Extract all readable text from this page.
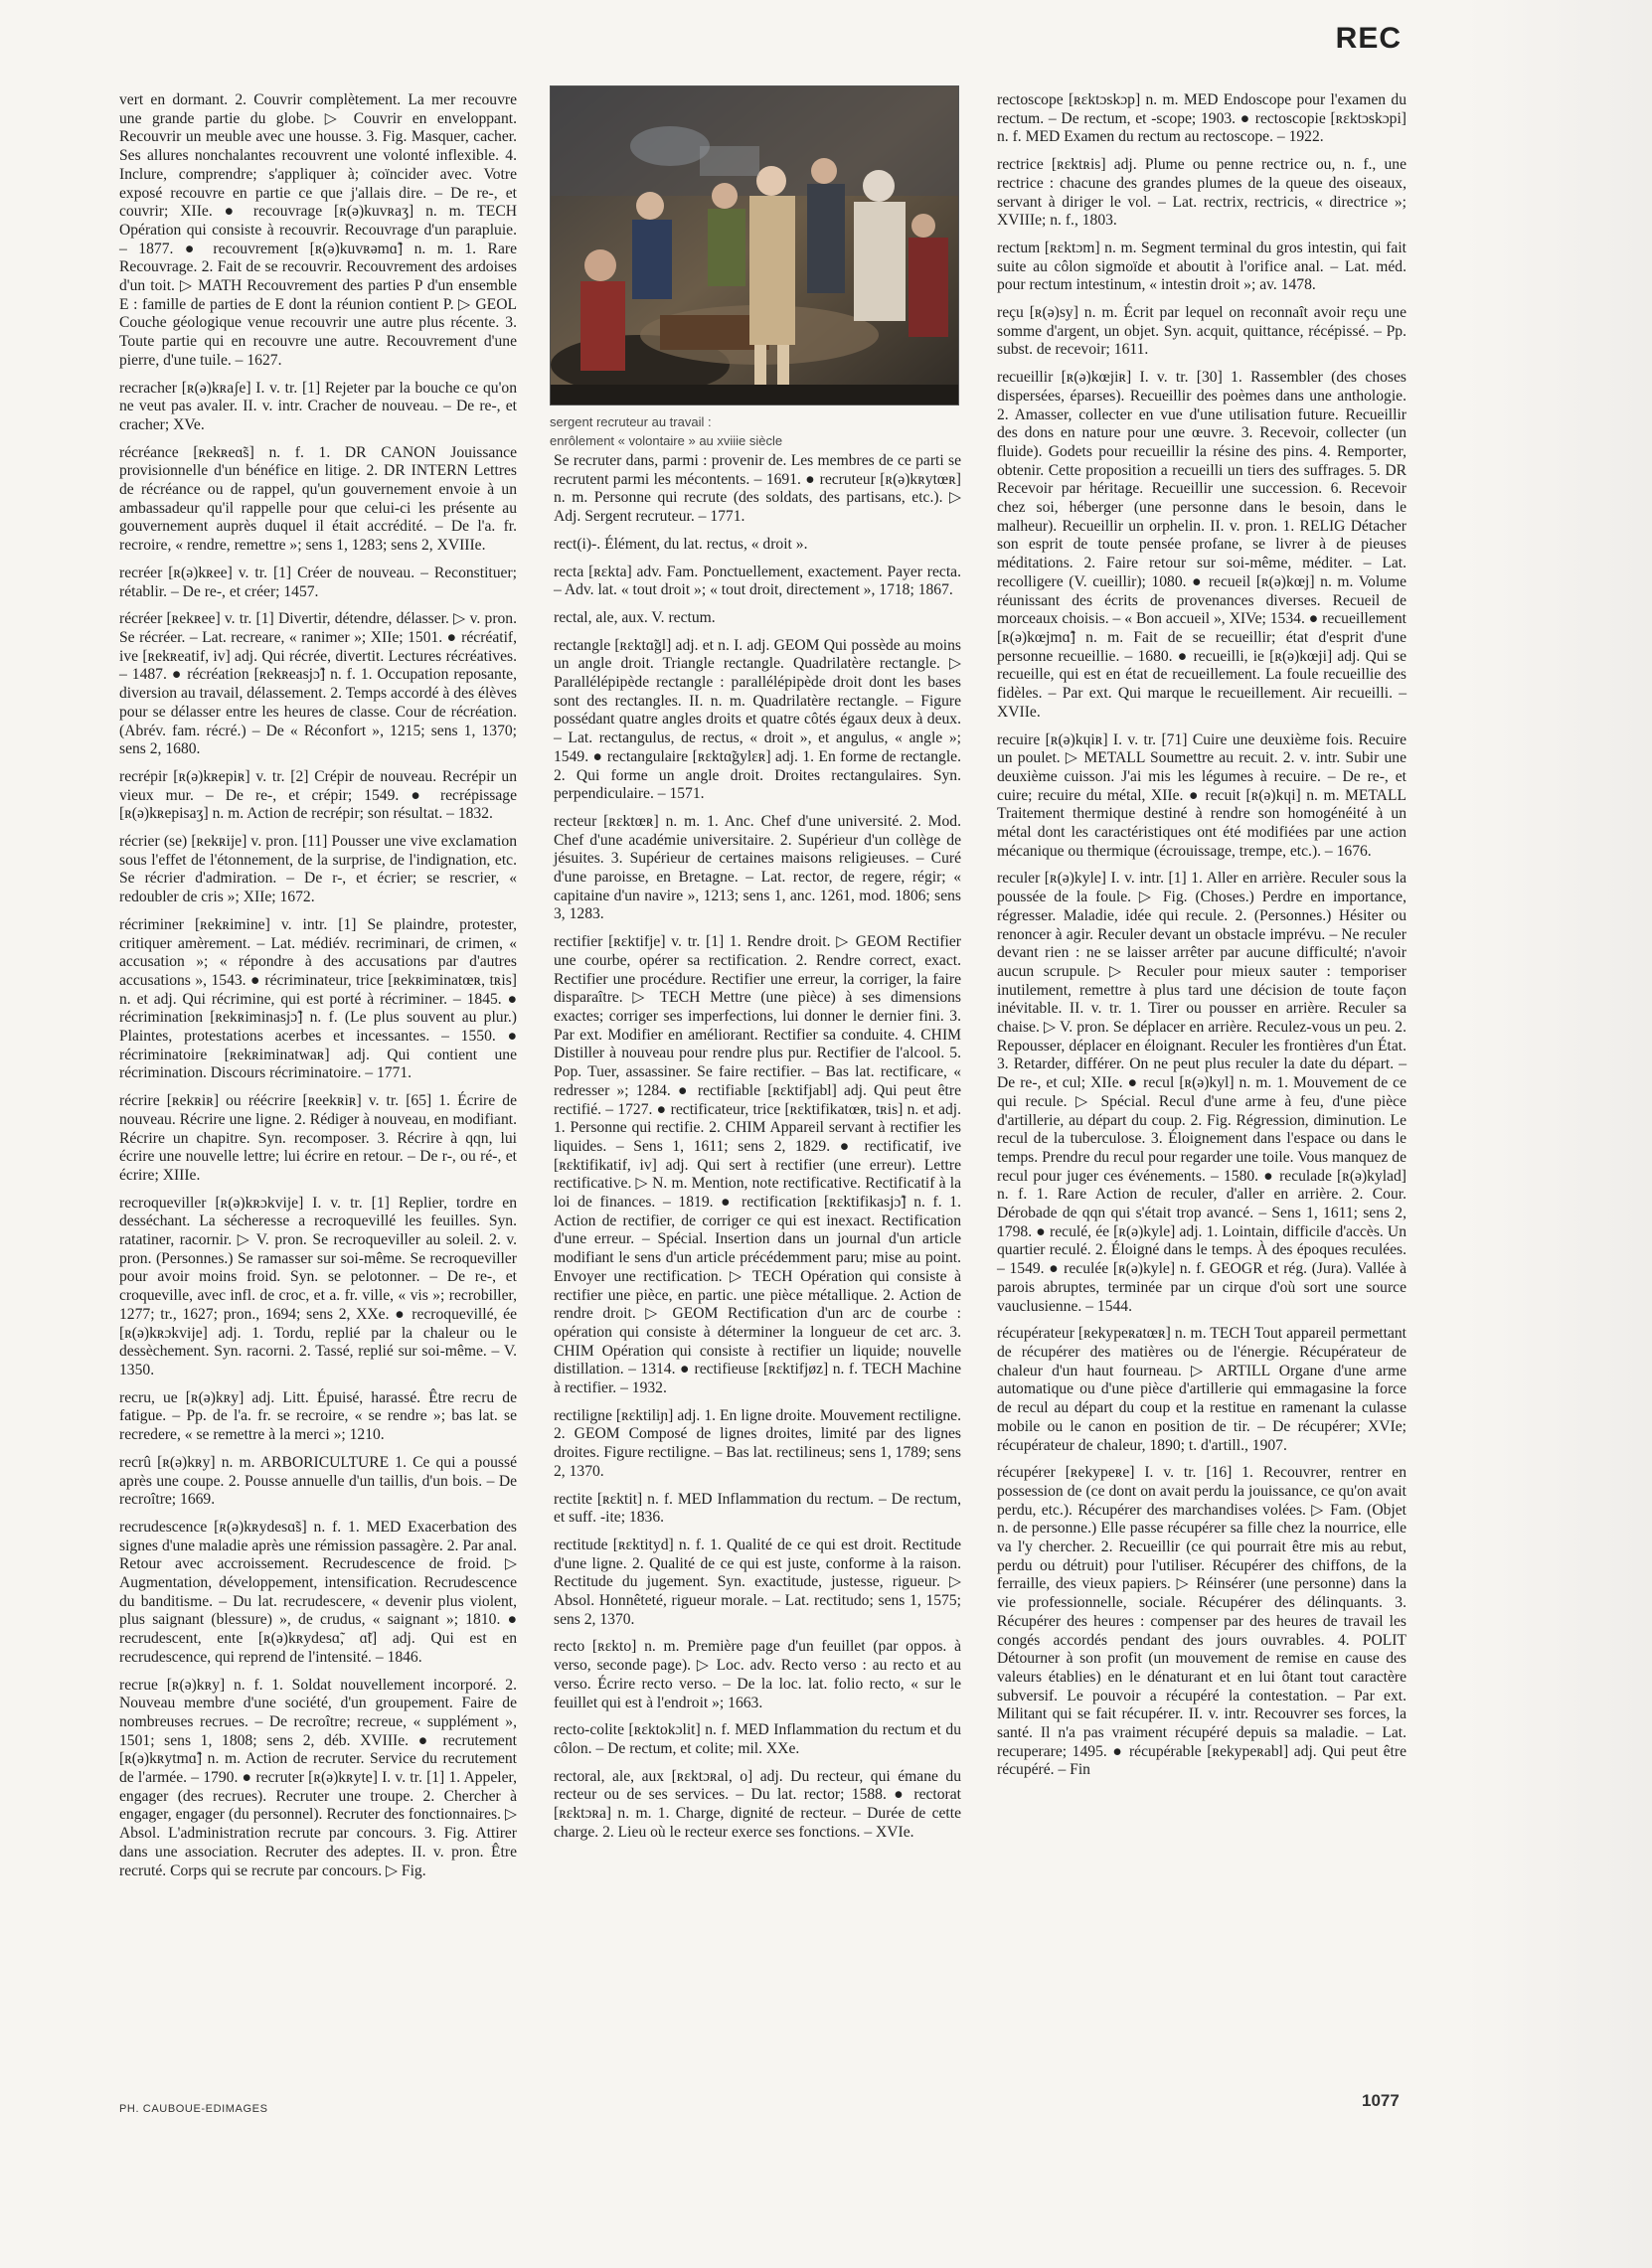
REC

vert en dormant. 2. Couvrir complètement. La mer recouvre une grande partie du globe. ▷ Couvrir en enveloppant. Recouvrir un meuble avec une housse. 3. Fig. Masquer, cacher. Ses allures nonchalantes recouvrent une volonté inflexible. 4. Inclure, comprendre; s'appliquer à; coïncider avec. Votre exposé recouvre en partie ce que j'allais dire. – De re-, et couvrir; XIIe. ● recouvrage [ʀ(ə)kuvʀaʒ] n. m. TECH Opération qui consiste à recouvrir. Recouvrage d'un parapluie. – 1877. ● recouvrement [ʀ(ə)kuvʀəmɑ̃] n. m. 1. Rare Recouvrage. 2. Fait de se recouvrir. Recouvrement des ardoises d'un toit. ▷ MATH Recouvrement des parties P d'un ensemble E : famille de parties de E dont la réunion contient P. ▷ GEOL Couche géologique venue recouvrir une autre plus récente. 3. Toute partie qui en recouvre une autre. Recouvrement d'une pierre, d'une tuile. – 1627.

recracher [ʀ(ə)kʀaʃe] I. v. tr. [1] Rejeter par la bouche ce qu'on ne veut pas avaler. II. v. intr. Cracher de nouveau. – De re-, et cracher; XVe.

récréance [ʀekʀeɑ̃s] n. f. 1. DR CANON Jouissance provisionnelle d'un bénéfice en litige. 2. DR INTERN Lettres de récréance ou de rappel, qu'un gouvernement envoie à un ambassadeur qu'il rappelle pour que celui-ci les présente au gouvernement auprès duquel il était accrédité. – De l'a. fr. recroire, « rendre, remettre »; sens 1, 1283; sens 2, XVIIIe.

recréer [ʀ(ə)kʀee] v. tr. [1] Créer de nouveau. – Reconstituer; rétablir. – De re-, et créer; 1457.

récréer [ʀekʀee] v. tr. [1] Divertir, détendre, délasser. ▷ v. pron. Se récréer. – Lat. recreare, « ranimer »; XIIe; 1501. ● récréatif, ive [ʀekʀeatif, iv] adj. Qui récrée, divertit. Lectures récréatives. – 1487. ● récréation [ʀekʀeasjɔ̃] n. f. 1. Occupation reposante, diversion au travail, délassement. 2. Temps accordé à des élèves pour se délasser entre les heures de classe. Cour de récréation. (Abrév. fam. récré.) – De « Réconfort », 1215; sens 1, 1370; sens 2, 1680.

recrépir [ʀ(ə)kʀepiʀ] v. tr. [2] Crépir de nouveau. Recrépir un vieux mur. – De re-, et crépir; 1549. ● recrépissage [ʀ(ə)kʀepisaʒ] n. m. Action de recrépir; son résultat. – 1832.

récrier (se) [ʀekʀije] v. pron. [11] Pousser une vive exclamation sous l'effet de l'étonnement, de la surprise, de l'indignation, etc. Se récrier d'admiration. – De r-, et écrier; se rescrier, « redoubler de cris »; XIIe; 1672.

récriminer [ʀekʀimine] v. intr. [1] Se plaindre, protester, critiquer amèrement. – Lat. médiév. recriminari, de crimen, « accusation »; « répondre à des accusations par d'autres accusations », 1543. ● récriminateur, trice [ʀekʀiminatœʀ, tʀis] n. et adj. Qui récrimine, qui est porté à récriminer. – 1845. ● récrimination [ʀekʀiminasjɔ̃] n. f. (Le plus souvent au plur.) Plaintes, protestations acerbes et incessantes. – 1550. ● récriminatoire [ʀekʀiminatwaʀ] adj. Qui contient une récrimination. Discours récriminatoire. – 1771.

récrire [ʀekʀiʀ] ou réécrire [ʀeekʀiʀ] v. tr. [65] 1. Écrire de nouveau. Récrire une ligne. 2. Rédiger à nouveau, en modifiant. Récrire un chapitre. Syn. recomposer. 3. Récrire à qqn, lui écrire une nouvelle lettre; lui écrire en retour. – De r-, ou ré-, et écrire; XIIIe.

recroqueviller [ʀ(ə)kʀɔkvije] I. v. tr. [1] Replier, tordre en desséchant. La sécheresse a recroquevillé les feuilles. Syn. ratatiner, racornir. ▷ V. pron. Se recroqueviller au soleil. 2. v. pron. (Personnes.) Se ramasser sur soi-même. Se recroqueviller pour avoir moins froid. Syn. se pelotonner. – De re-, et croqueville, avec infl. de croc, et a. fr. ville, « vis »; recrobiller, 1277; tr., 1627; pron., 1694; sens 2, XXe. ● recroquevillé, ée [ʀ(ə)kʀɔkvije] adj. 1. Tordu, replié par la chaleur ou le dessèchement. Syn. racorni. 2. Tassé, replié sur soi-même. – V. 1350.

recru, ue [ʀ(ə)kʀy] adj. Litt. Épuisé, harassé. Être recru de fatigue. – Pp. de l'a. fr. se recroire, « se rendre »; bas lat. se recredere, « se remettre à la merci »; 1210.

recrû [ʀ(ə)kʀy] n. m. ARBORICULTURE 1. Ce qui a poussé après une coupe. 2. Pousse annuelle d'un taillis, d'un bois. – De recroître; 1669.

recrudescence [ʀ(ə)kʀydesɑ̃s] n. f. 1. MED Exacerbation des signes d'une maladie après une rémission passagère. 2. Par anal. Retour avec accroissement. Recrudescence de froid. ▷ Augmentation, développement, intensification. Recrudescence du banditisme. – Du lat. recrudescere, « devenir plus violent, plus saignant (blessure) », de crudus, « saignant »; 1810. ● recrudescent, ente [ʀ(ə)kʀydesɑ̃, ɑ̃t] adj. Qui est en recrudescence, qui reprend de l'intensité. – 1846.

recrue [ʀ(ə)kʀy] n. f. 1. Soldat nouvellement incorporé. 2. Nouveau membre d'une société, d'un groupement. Faire de nombreuses recrues. – De recroître; recreue, « supplément », 1501; sens 1, 1808; sens 2, déb. XVIIIe. ● recrutement [ʀ(ə)kʀytmɑ̃] n. m. Action de recruter. Service du recrutement de l'armée. – 1790. ● recruter [ʀ(ə)kʀyte] I. v. tr. [1] 1. Appeler, engager (des recrues). Recruter une troupe. 2. Chercher à engager, engager (du personnel). Recruter des fonctionnaires. ▷ Absol. L'administration recrute par concours. 3. Fig. Attirer dans une association. Recruter des adeptes. II. v. pron. Être recruté. Corps qui se recrute par concours. ▷ Fig.

sergent recruteur au travail :
enrôlement « volontaire » au xviiie siècle

Se recruter dans, parmi : provenir de. Les membres de ce parti se recrutent parmi les mécontents. – 1691. ● recruteur [ʀ(ə)kʀytœʀ] n. m. Personne qui recrute (des soldats, des partisans, etc.). ▷ Adj. Sergent recruteur. – 1771.

rect(i)-. Élément, du lat. rectus, « droit ».

recta [ʀɛkta] adv. Fam. Ponctuellement, exactement. Payer recta. – Adv. lat. « tout droit »; « tout droit, directement », 1718; 1867.

rectal, ale, aux. V. rectum.

rectangle [ʀɛktɑ̃gl] adj. et n. I. adj. GEOM Qui possède au moins un angle droit. Triangle rectangle. Quadrilatère rectangle. ▷ Parallélépipède rectangle : parallélépipède droit dont les bases sont des rectangles. II. n. m. Quadrilatère rectangle. – Figure possédant quatre angles droits et quatre côtés égaux deux à deux. – Lat. rectangulus, de rectus, « droit », et angulus, « angle »; 1549. ● rectangulaire [ʀɛktɑ̃gylɛʀ] adj. 1. En forme de rectangle. 2. Qui forme un angle droit. Droites rectangulaires. Syn. perpendiculaire. – 1571.

recteur [ʀɛktœʀ] n. m. 1. Anc. Chef d'une université. 2. Mod. Chef d'une académie universitaire. 2. Supérieur d'un collège de jésuites. 3. Supérieur de certaines maisons religieuses. – Curé d'une paroisse, en Bretagne. – Lat. rector, de regere, régir; « capitaine d'un navire », 1213; sens 1, anc. 1261, mod. 1806; sens 3, 1283.

rectifier [ʀɛktifje] v. tr. [1] 1. Rendre droit. ▷ GEOM Rectifier une courbe, opérer sa rectification. 2. Rendre correct, exact. Rectifier une procédure. Rectifier une erreur, la corriger, la faire disparaître. ▷ TECH Mettre (une pièce) à ses dimensions exactes; corriger ses imperfections, lui donner le dernier fini. 3. Par ext. Modifier en améliorant. Rectifier sa conduite. 4. CHIM Distiller à nouveau pour rendre plus pur. Rectifier de l'alcool. 5. Pop. Tuer, assassiner. Se faire rectifier. – Bas lat. rectificare, « redresser »; 1284. ● rectifiable [ʀɛktifjabl] adj. Qui peut être rectifié. – 1727. ● rectificateur, trice [ʀɛktifikatœʀ, tʀis] n. et adj. 1. Personne qui rectifie. 2. CHIM Appareil servant à rectifier les liquides. – Sens 1, 1611; sens 2, 1829. ● rectificatif, ive [ʀɛktifikatif, iv] adj. Qui sert à rectifier (une erreur). Lettre rectificative. ▷ N. m. Mention, note rectificative. Rectificatif à la loi de finances. – 1819. ● rectification [ʀɛktifikasjɔ̃] n. f. 1. Action de rectifier, de corriger ce qui est inexact. Rectification d'une erreur. – Spécial. Insertion dans un journal d'un article modifiant le sens d'un article précédemment paru; mise au point. Envoyer une rectification. ▷ TECH Opération qui consiste à rectifier une pièce, en partic. une pièce métallique. 2. Action de rendre droit. ▷ GEOM Rectification d'un arc de courbe : opération qui consiste à déterminer la longueur de cet arc. 3. CHIM Opération qui consiste à rectifier un liquide; nouvelle distillation. – 1314. ● rectifieuse [ʀɛktifjøz] n. f. TECH Machine à rectifier. – 1932.

rectiligne [ʀɛktiliɲ] adj. 1. En ligne droite. Mouvement rectiligne. 2. GEOM Composé de lignes droites, limité par des lignes droites. Figure rectiligne. – Bas lat. rectilineus; sens 1, 1789; sens 2, 1370.

rectite [ʀɛktit] n. f. MED Inflammation du rectum. – De rectum, et suff. -ite; 1836.

rectitude [ʀɛktityd] n. f. 1. Qualité de ce qui est droit. Rectitude d'une ligne. 2. Qualité de ce qui est juste, conforme à la raison. Rectitude du jugement. Syn. exactitude, justesse, rigueur. ▷ Absol. Honnêteté, rigueur morale. – Lat. rectitudo; sens 1, 1575; sens 2, 1370.

recto [ʀɛkto] n. m. Première page d'un feuillet (par oppos. à verso, seconde page). ▷ Loc. adv. Recto verso : au recto et au verso. Écrire recto verso. – De la loc. lat. folio recto, « sur le feuillet qui est à l'endroit »; 1663.

recto-colite [ʀɛktokɔlit] n. f. MED Inflammation du rectum et du côlon. – De rectum, et colite; mil. XXe.

rectoral, ale, aux [ʀɛktɔʀal, o] adj. Du recteur, qui émane du recteur ou de ses services. – Du lat. rector; 1588. ● rectorat [ʀɛktɔʀa] n. m. 1. Charge, dignité de recteur. – Durée de cette charge. 2. Lieu où le recteur exerce ses fonctions. – XVIe.

rectoscope [ʀɛktɔskɔp] n. m. MED Endoscope pour l'examen du rectum. – De rectum, et -scope; 1903. ● rectoscopie [ʀɛktɔskɔpi] n. f. MED Examen du rectum au rectoscope. – 1922.

rectrice [ʀɛktʀis] adj. Plume ou penne rectrice ou, n. f., une rectrice : chacune des grandes plumes de la queue des oiseaux, servant à diriger le vol. – Lat. rectrix, rectricis, « directrice »; XVIIIe; n. f., 1803.

rectum [ʀɛktɔm] n. m. Segment terminal du gros intestin, qui fait suite au côlon sigmoïde et aboutit à l'orifice anal. – Lat. méd. pour rectum intestinum, « intestin droit »; av. 1478.

reçu [ʀ(ə)sy] n. m. Écrit par lequel on reconnaît avoir reçu une somme d'argent, un objet. Syn. acquit, quittance, récépissé. – Pp. subst. de recevoir; 1611.

recueillir [ʀ(ə)kœjiʀ] I. v. tr. [30] 1. Rassembler (des choses dispersées, éparses). Recueillir des poèmes dans une anthologie. 2. Amasser, collecter en vue d'une utilisation future. Recueillir des dons en nature pour une œuvre. 3. Recevoir, collecter (un fluide). Godets pour recueillir la résine des pins. 4. Remporter, obtenir. Cette proposition a recueilli un tiers des suffrages. 5. DR Recevoir par héritage. Recueillir une succession. 6. Recevoir chez soi, héberger (une personne dans le besoin, dans le malheur). Recueillir un orphelin. II. v. pron. 1. RELIG Détacher son esprit de toute pensée profane, se livrer à de pieuses méditations. 2. Faire retour sur soi-même, méditer. – Lat. recolligere (V. cueillir); 1080. ● recueil [ʀ(ə)kœj] n. m. Volume réunissant des écrits de provenances diverses. Recueil de morceaux choisis. – « Bon accueil », XIVe; 1534. ● recueillement [ʀ(ə)kœjmɑ̃] n. m. Fait de se recueillir; état d'esprit d'une personne recueillie. – 1680. ● recueilli, ie [ʀ(ə)kœji] adj. Qui se recueille, qui est en état de recueillement. La foule recueillie des fidèles. – Par ext. Qui marque le recueillement. Air recueilli. – XVIIe.

recuire [ʀ(ə)kɥiʀ] I. v. tr. [71] Cuire une deuxième fois. Recuire un poulet. ▷ METALL Soumettre au recuit. 2. v. intr. Subir une deuxième cuisson. J'ai mis les légumes à recuire. – De re-, et cuire; recuire du métal, XIIe. ● recuit [ʀ(ə)kɥi] n. m. METALL Traitement thermique destiné à rendre son homogénéité à un métal dont les caractéristiques ont été modifiées par une action mécanique ou thermique (écrouissage, trempe, etc.). – 1676.

reculer [ʀ(ə)kyle] I. v. intr. [1] 1. Aller en arrière. Reculer sous la poussée de la foule. ▷ Fig. (Choses.) Perdre en importance, régresser. Maladie, idée qui recule. 2. (Personnes.) Hésiter ou renoncer à agir. Reculer devant un obstacle imprévu. – Ne reculer devant rien : ne se laisser arrêter par aucune difficulté; n'avoir aucun scrupule. ▷ Reculer pour mieux sauter : temporiser inutilement, remettre à plus tard une décision de toute façon inévitable. II. v. tr. 1. Tirer ou pousser en arrière. Reculer sa chaise. ▷ V. pron. Se déplacer en arrière. Reculez-vous un peu. 2. Repousser, déplacer en éloignant. Reculer les frontières d'un État. 3. Retarder, différer. On ne peut plus reculer la date du départ. – De re-, et cul; XIIe. ● recul [ʀ(ə)kyl] n. m. 1. Mouvement de ce qui recule. ▷ Spécial. Recul d'une arme à feu, d'une pièce d'artillerie, au départ du coup. 2. Fig. Régression, diminution. Le recul de la tuberculose. 3. Éloignement dans l'espace ou dans le temps. Prendre du recul pour regarder une toile. Vous manquez de recul pour juger ces événements. – 1580. ● reculade [ʀ(ə)kylad] n. f. 1. Rare Action de reculer, d'aller en arrière. 2. Cour. Dérobade de qqn qui s'était trop avancé. – Sens 1, 1611; sens 2, 1798. ● reculé, ée [ʀ(ə)kyle] adj. 1. Lointain, difficile d'accès. Un quartier reculé. 2. Éloigné dans le temps. À des époques reculées. – 1549. ● reculée [ʀ(ə)kyle] n. f. GEOGR et rég. (Jura). Vallée à parois abruptes, terminée par un cirque d'où sort une source vauclusienne. – 1544.

récupérateur [ʀekypeʀatœʀ] n. m. TECH Tout appareil permettant de récupérer des matières ou de l'énergie. Récupérateur de chaleur d'un haut fourneau. ▷ ARTILL Organe d'une arme automatique ou d'une pièce d'artillerie qui emmagasine la force de recul au départ du coup et la restitue en ramenant la culasse mobile ou le canon en position de tir. – De récupérer; XVIe; récupérateur de chaleur, 1890; t. d'artill., 1907.

récupérer [ʀekypeʀe] I. v. tr. [16] 1. Recouvrer, rentrer en possession de (ce dont on avait perdu la jouissance, ce qu'on avait perdu, etc.). Récupérer des marchandises volées. ▷ Fam. (Objet n. de personne.) Elle passe récupérer sa fille chez la nourrice, elle va l'y chercher. 2. Recueillir (ce qui pourrait être mis au rebut, perdu ou détruit) pour l'utiliser. Récupérer des chiffons, de la ferraille, des vieux papiers. ▷ Réinsérer (une personne) dans la vie professionnelle, sociale. Récupérer des délinquants. 3. Récupérer des heures : compenser par des heures de travail les congés accordés pendant des jours ouvrables. 4. POLIT Détourner à son profit (un mouvement de remise en cause des valeurs établies) en le dénaturant et en lui ôtant tout caractère subversif. Le pouvoir a récupéré la contestation. – Par ext. Militant qui se fait récupérer. II. v. intr. Recouvrer ses forces, la santé. Il n'a pas vraiment récupéré depuis sa maladie. – Lat. recuperare; 1495. ● récupérable [ʀekypeʀabl] adj. Qui peut être récupéré. – Fin

PH. CAUBOUE-EDIMAGES	1077
